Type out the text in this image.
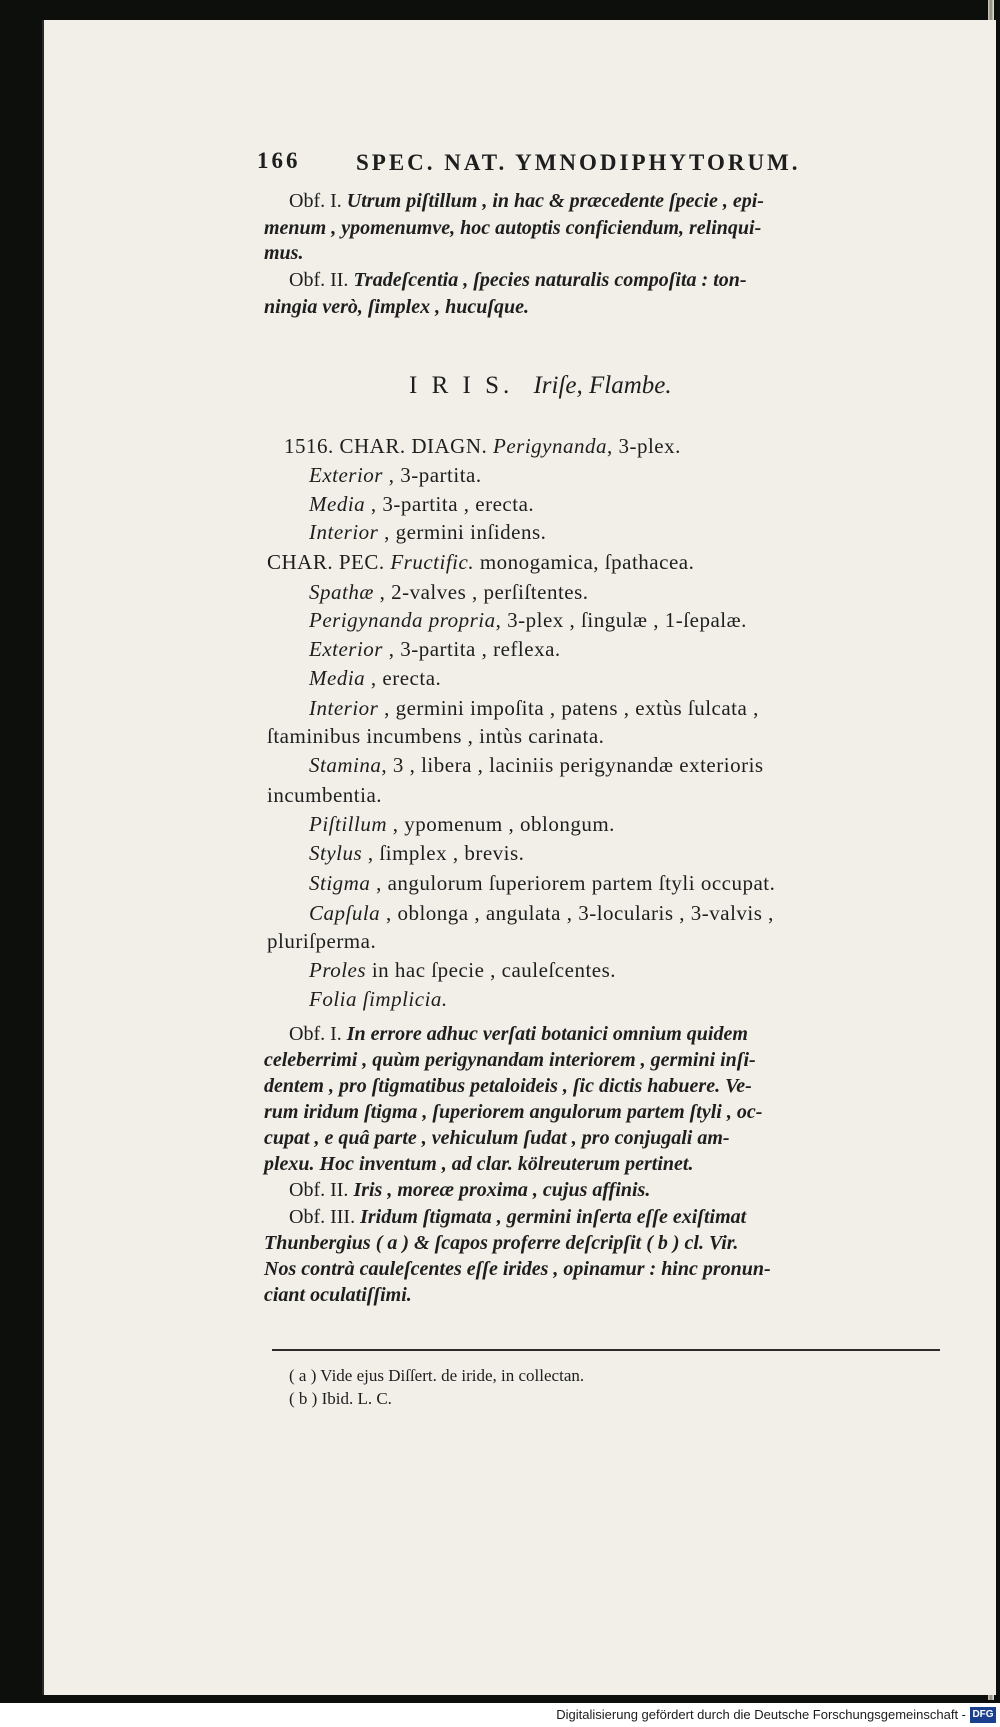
166 SPEC. NAT. YMNODIPHYTORUM.
Obf. I. Utrum piſtillum , in hac & præcedente ſpecie , epi-
menum , ypomenumve, hoc autoptis conficiendum, relinqui-
mus.
Obf. II. Tradeſcentia , ſpecies naturalis compoſita : ton-
ningia verò, ſimplex , hucuſque.
I R I S. Iriſe, Flambe.
1516. CHAR. DIAGN. Perigynanda, 3-plex.
Exterior , 3-partita.
Media , 3-partita , erecta.
Interior , germini inſidens.
CHAR. PEC. Fructific. monogamica, ſpathacea.
Spathæ , 2-valves , perſiſtentes.
Perigynanda propria, 3-plex , ſingulæ , 1-ſepalæ.
Exterior , 3-partita , reflexa.
Media , erecta.
Interior , germini impoſita , patens , extùs ſulcata ,
ſtaminibus incumbens , intùs carinata.
Stamina, 3 , libera , laciniis perigynandæ exterioris
incumbentia.
Piſtillum , ypomenum , oblongum.
Stylus , ſimplex , brevis.
Stigma , angulorum ſuperiorem partem ſtyli occupat.
Capſula , oblonga , angulata , 3-locularis , 3-valvis ,
pluriſperma.
Proles in hac ſpecie , cauleſcentes.
Folia ſimplicia.
Obf. I. In errore adhuc verſati botanici omnium quidem
celeberrimi , quùm perigynandam interiorem , germini inſi-
dentem , pro ſtigmatibus petaloideis , ſic dictis habuere. Ve-
rum iridum ſtigma , ſuperiorem angulorum partem ſtyli , oc-
cupat , e quâ parte , vehiculum ſudat , pro conjugali am-
plexu. Hoc inventum , ad clar. kölreuterum pertinet.
Obf. II. Iris , moreæ proxima , cujus affinis.
Obf. III. Iridum ſtigmata , germini inſerta eſſe exiſtimat
Thunbergius ( a ) & ſcapos proferre deſcripſit ( b ) cl. Vir.
Nos contrà cauleſcentes eſſe irides , opinamur : hinc pronun-
ciant oculatiſſimi.
( a ) Vide ejus Diſſert. de iride, in collectan.
( b ) Ibid. L. C.
Digitalisierung gefördert durch die Deutsche Forschungsgemeinschaft - DFG
